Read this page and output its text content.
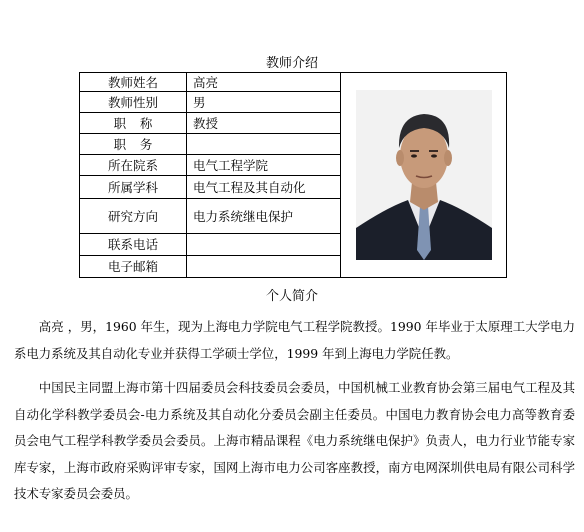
教师介绍
教师姓名	高亮	

教师性别	男	
职称	教授	
职务		
所在院系	电气工程学院	
所属学科	电气工程及其自动化	
研究方向	电力系统继电保护	
联系电话		
电子邮箱		
个人简介

高亮 ，男，1960 年生，现为上海电力学院电气工程学院教授。1990 年毕业于太原理工大学电力系电力系统及其自动化专业并获得工学硕士学位，1999 年到上海电力学院任教。

中国民主同盟上海市第十四届委员会科技委员会委员，中国机械工业教育协会第三届电气工程及其自动化学科教学委员会-电力系统及其自动化分委员会副主任委员。中国电力教育协会电力高等教育委员会电气工程学科教学委员会委员。上海市精品课程《电力系统继电保护》负责人，电力行业节能专家库专家，上海市政府采购评审专家，国网上海市电力公司客座教授，南方电网深圳供电局有限公司科学技术专家委员会委员。
